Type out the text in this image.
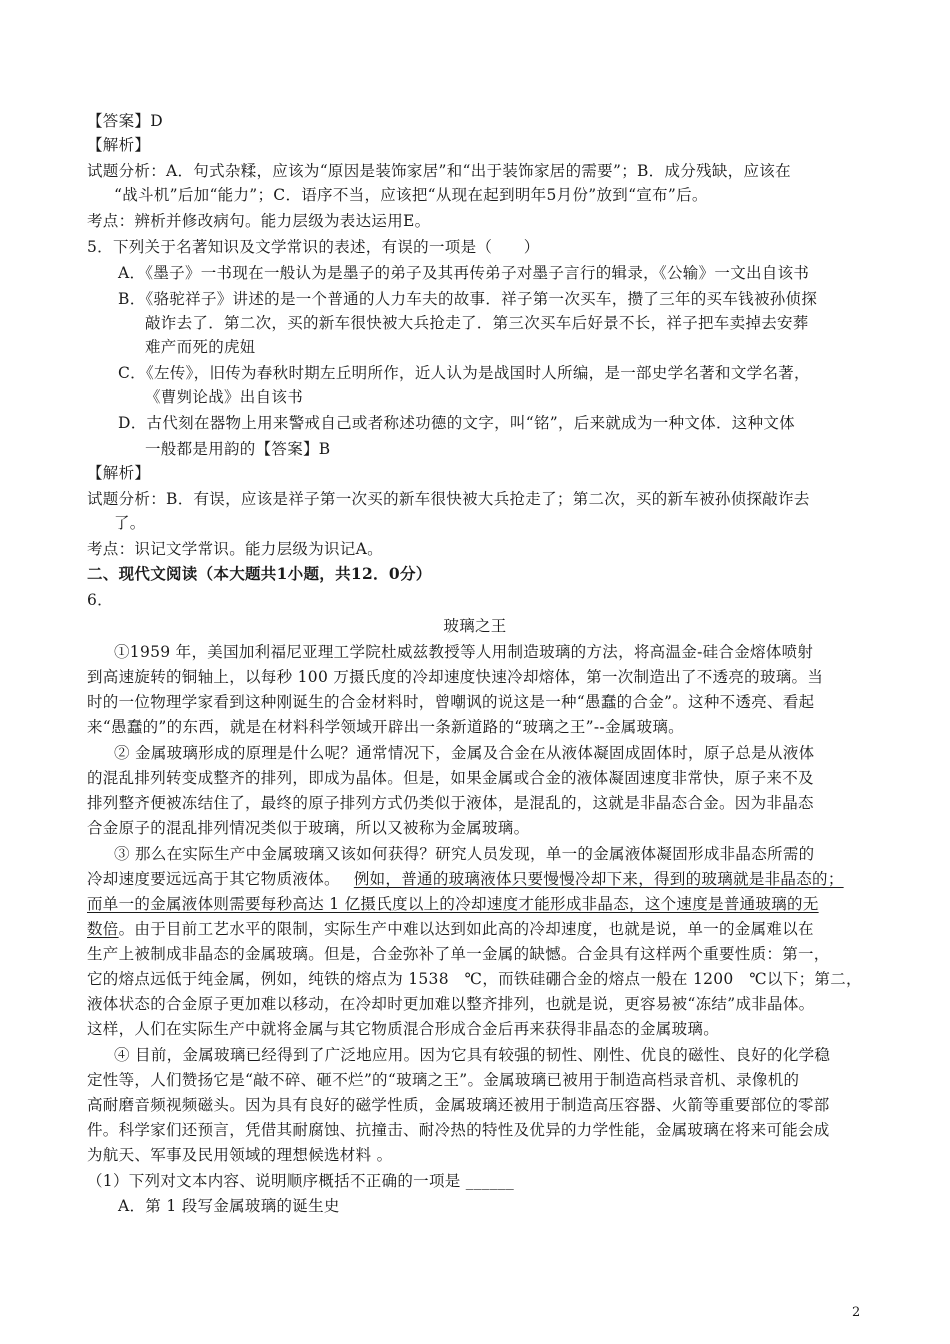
【答案】D
【解析】
试题分析：A．句式杂糅，应该为“原因是装饰家居”和“出于装饰家居的需要”；B．成分残缺，应该在
“战斗机”后加“能力”；C．语序不当，应该把“从现在起到明年5月份”放到“宣布”后。
考点：辨析并修改病句。能力层级为表达运用E。
5．下列关于名著知识及文学常识的表述，有误的一项是（　　）
A．《墨子》一书现在一般认为是墨子的弟子及其再传弟子对墨子言行的辑录，《公输》一文出自该书
B．《骆驼祥子》讲述的是一个普通的人力车夫的故事．祥子第一次买车，攒了三年的买车钱被孙侦探
敲诈去了．第二次，买的新车很快被大兵抢走了．第三次买车后好景不长，祥子把车卖掉去安葬
难产而死的虎妞
C．《左传》，旧传为春秋时期左丘明所作，近人认为是战国时人所编，是一部史学名著和文学名著，
《曹刿论战》出自该书
D．古代刻在器物上用来警戒自己或者称述功德的文字，叫“铭”，后来就成为一种文体．这种文体
一般都是用韵的【答案】B
【解析】
试题分析：B．有误，应该是祥子第一次买的新车很快被大兵抢走了；第二次，买的新车被孙侦探敲诈去
了。
考点：识记文学常识。能力层级为识记A。
二、现代文阅读（本大题共1小题，共12．0分）
6．
玻璃之王
①1959 年，美国加利福尼亚理工学院杜威兹教授等人用制造玻璃的方法，将高温金-硅合金熔体喷射
到高速旋转的铜轴上，以每秒 100 万摄氏度的冷却速度快速冷却熔体，第一次制造出了不透亮的玻璃。当
时的一位物理学家看到这种刚诞生的合金材料时，曾嘲讽的说这是一种“愚蠢的合金”。这种不透亮、看起
来“愚蠢的”的东西，就是在材料科学领域开辟出一条新道路的“玻璃之王”--金属玻璃。
② 金属玻璃形成的原理是什么呢？通常情况下，金属及合金在从液体凝固成固体时，原子总是从液体
的混乱排列转变成整齐的排列，即成为晶体。但是，如果金属或合金的液体凝固速度非常快，原子来不及
排列整齐便被冻结住了，最终的原子排列方式仍类似于液体，是混乱的，这就是非晶态合金。因为非晶态
合金原子的混乱排列情况类似于玻璃，所以又被称为金属玻璃。
③ 那么在实际生产中金属玻璃又该如何获得？研究人员发现，单一的金属液体凝固形成非晶态所需的
冷却速度要远远高于其它物质液体。 例如，普通的玻璃液体只要慢慢冷却下来，得到的玻璃就是非晶态的；
而单一的金属液体则需要每秒高达 1 亿摄氏度以上的冷却速度才能形成非晶态，这个速度是普通玻璃的无
数倍。由于目前工艺水平的限制，实际生产中难以达到如此高的冷却速度，也就是说，单一的金属难以在
生产上被制成非晶态的金属玻璃。但是，合金弥补了单一金属的缺憾。合金具有这样两个重要性质：第一，
它的熔点远低于纯金属，例如，纯铁的熔点为 1538　℃，而铁硅硼合金的熔点一般在 1200　℃以下；第二，
液体状态的合金原子更加难以移动，在冷却时更加难以整齐排列，也就是说，更容易被“冻结”成非晶体。
这样，人们在实际生产中就将金属与其它物质混合形成合金后再来获得非晶态的金属玻璃。
④ 目前，金属玻璃已经得到了广泛地应用。因为它具有较强的韧性、刚性、优良的磁性、良好的化学稳
定性等，人们赞扬它是“敲不碎、砸不烂”的“玻璃之王”。金属玻璃已被用于制造高档录音机、录像机的
高耐磨音频视频磁头。因为具有良好的磁学性质，金属玻璃还被用于制造高压容器、火箭等重要部位的零部
件。科学家们还预言，凭借其耐腐蚀、抗撞击、耐冷热的特性及优异的力学性能，金属玻璃在将来可能会成
为航天、军事及民用领域的理想候选材料 。
（1）下列对文本内容、说明顺序概括不正确的一项是 ______
A．第 1 段写金属玻璃的诞生史
2
